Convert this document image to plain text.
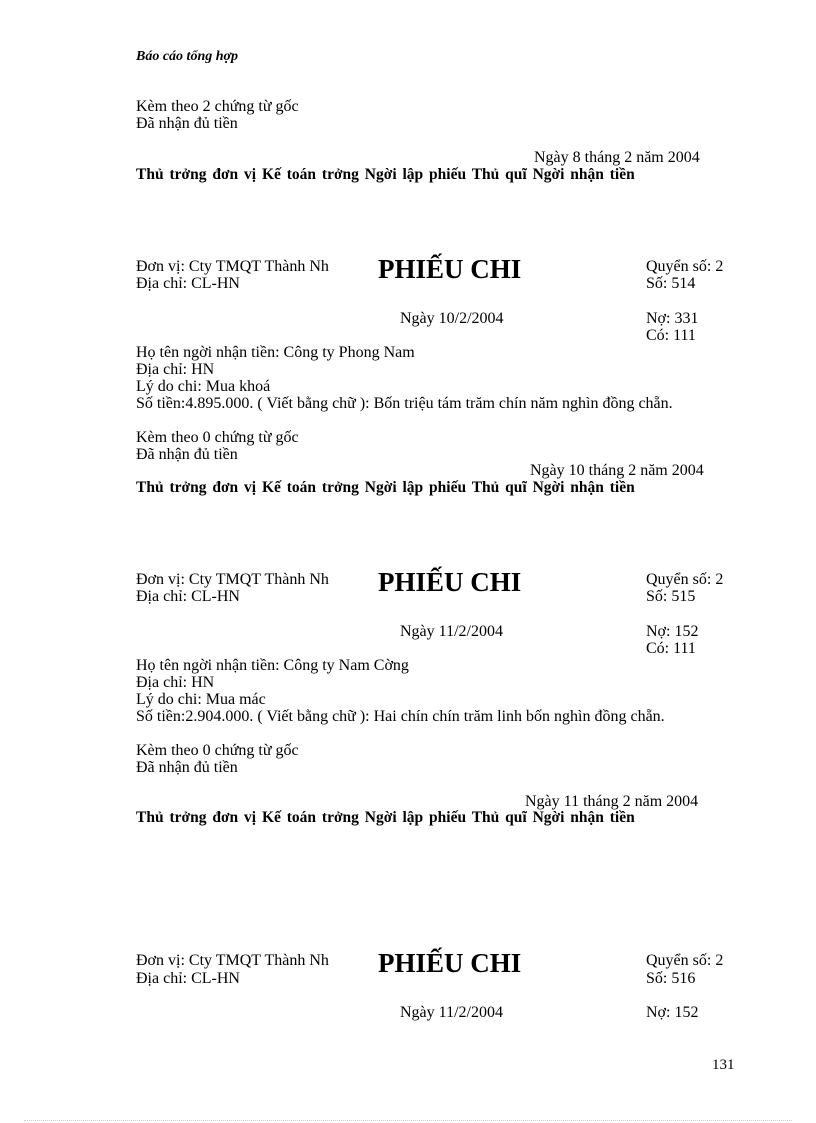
Báo cáo tổng hợp
Kèm theo 2 chứng từ gốc
Đã nhận đủ tiền
Ngày 8 tháng 2 năm 2004
Thủ trởng đơn vị Kế toán trởng Ngời lập phiếu Thủ quĩ Ngời nhận tiền
Đơn vị: Cty TMQT Thành Nh
Địa chỉ: CL-HN	PHIẾU CHI	Quyển số: 2
Số: 514
Ngày 10/2/2004	Nợ: 331
Có: 111
Họ tên ngời nhận tiền: Công ty Phong Nam
Địa chỉ: HN
Lý do chi: Mua khoá
Số tiền:4.895.000. ( Viết bằng chữ ): Bốn triệu tám trăm chín năm nghìn đồng chẵn.
Kèm theo 0 chứng từ gốc
Đã nhận đủ tiền
Ngày 10 tháng 2 năm 2004
Thủ trởng đơn vị Kế toán trởng Ngời lập phiếu Thủ quĩ Ngời nhận tiền
Đơn vị: Cty TMQT Thành Nh
Địa chỉ: CL-HN	PHIẾU CHI	Quyển số: 2
Số: 515
Ngày 11/2/2004	Nợ: 152
Có: 111
Họ tên ngời nhận tiền: Công ty Nam Cờng
Địa chỉ: HN
Lý do chi: Mua mác
Số tiền:2.904.000. ( Viết bằng chữ ): Hai chín chín trăm linh bốn nghìn đồng chẵn.
Kèm theo 0 chứng từ gốc
Đã nhận đủ tiền
Ngày 11 tháng 2 năm 2004
Thủ trởng đơn vị Kế toán trởng Ngời lập phiếu Thủ quĩ Ngời nhận tiền
Đơn vị: Cty TMQT Thành Nh
Địa chỉ: CL-HN
PHIẾU CHI	Quyển số: 2
Số: 516
Ngày 11/2/2004	Nợ: 152
131
